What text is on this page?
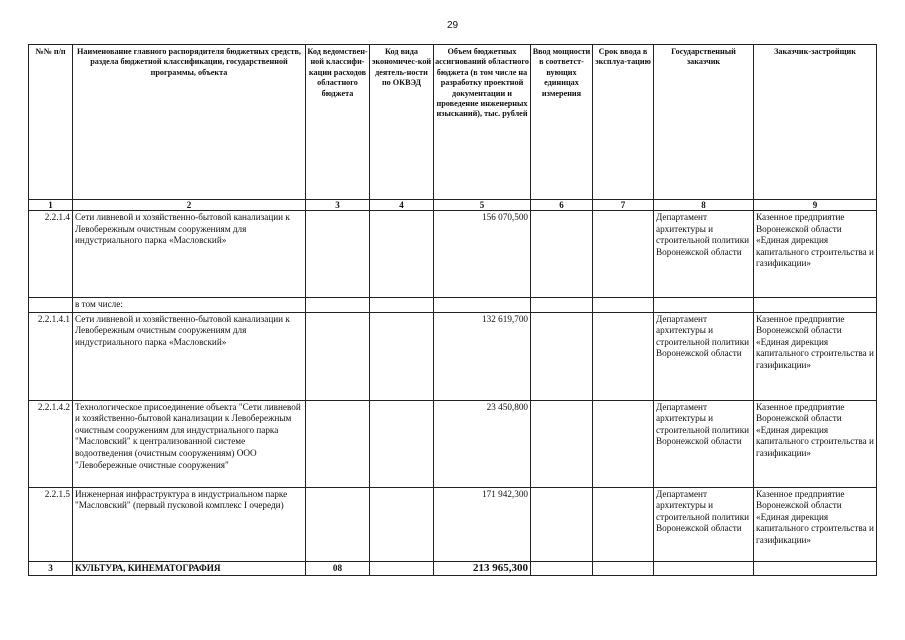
29
№№ п/п	Наименование главного распорядителя бюджетных средств, раздела бюджетной классификации, государственной программы, объекта	Код ведомствен-ной классифи-кации расходов областного бюджета	Код вида экономичес-кой деятель-ности по ОКВЭД	Объем бюджетных ассигнований областного бюджета (в том числе на разработку проектной документации и проведение инженерных изысканий), тыс. рублей	Ввод мощности в соответст-вующих единицах измерения	Срок ввода в эксплуа-тацию	Государственный заказчик	Заказчик-застройщик
1	2	3	4	5	6	7	8	9
2.2.1.4	Сети ливневой и хозяйственно-бытовой канализации к Левобережным очистным сооружениям для индустриального парка «Масловский»			156 070,500			Департамент архитектуры и строительной политики Воронежской области	Казенное предприятие Воронежской области «Единая дирекция капитального строительства и газификации»
	в том числе:							
2.2.1.4.1	Сети ливневой и хозяйственно-бытовой канализации к Левобережным очистным сооружениям для индустриального парка «Масловский»			132 619,700			Департамент архитектуры и строительной политики Воронежской области	Казенное предприятие Воронежской области «Единая дирекция капитального строительства и газификации»
2.2.1.4.2	Технологическое присоединение объекта "Сети ливневой и хозяйственно-бытовой канализации к Левобережным очистным сооружениям для индустриального парка "Масловский" к централизованной системе водоотведения (очистным сооружениям) ООО "Левобережные очистные сооружения"			23 450,800			Департамент архитектуры и строительной политики Воронежской области	Казенное предприятие Воронежской области «Единая дирекция капитального строительства и газификации»
2.2.1.5	Инженерная инфраструктура в индустриальном парке "Масловский" (первый пусковой комплекс I очереди)			171 942,300			Департамент архитектуры и строительной политики Воронежской области	Казенное предприятие Воронежской области «Единая дирекция капитального строительства и газификации»
3	КУЛЬТУРА, КИНЕМАТОГРАФИЯ	08		213 965,300				
